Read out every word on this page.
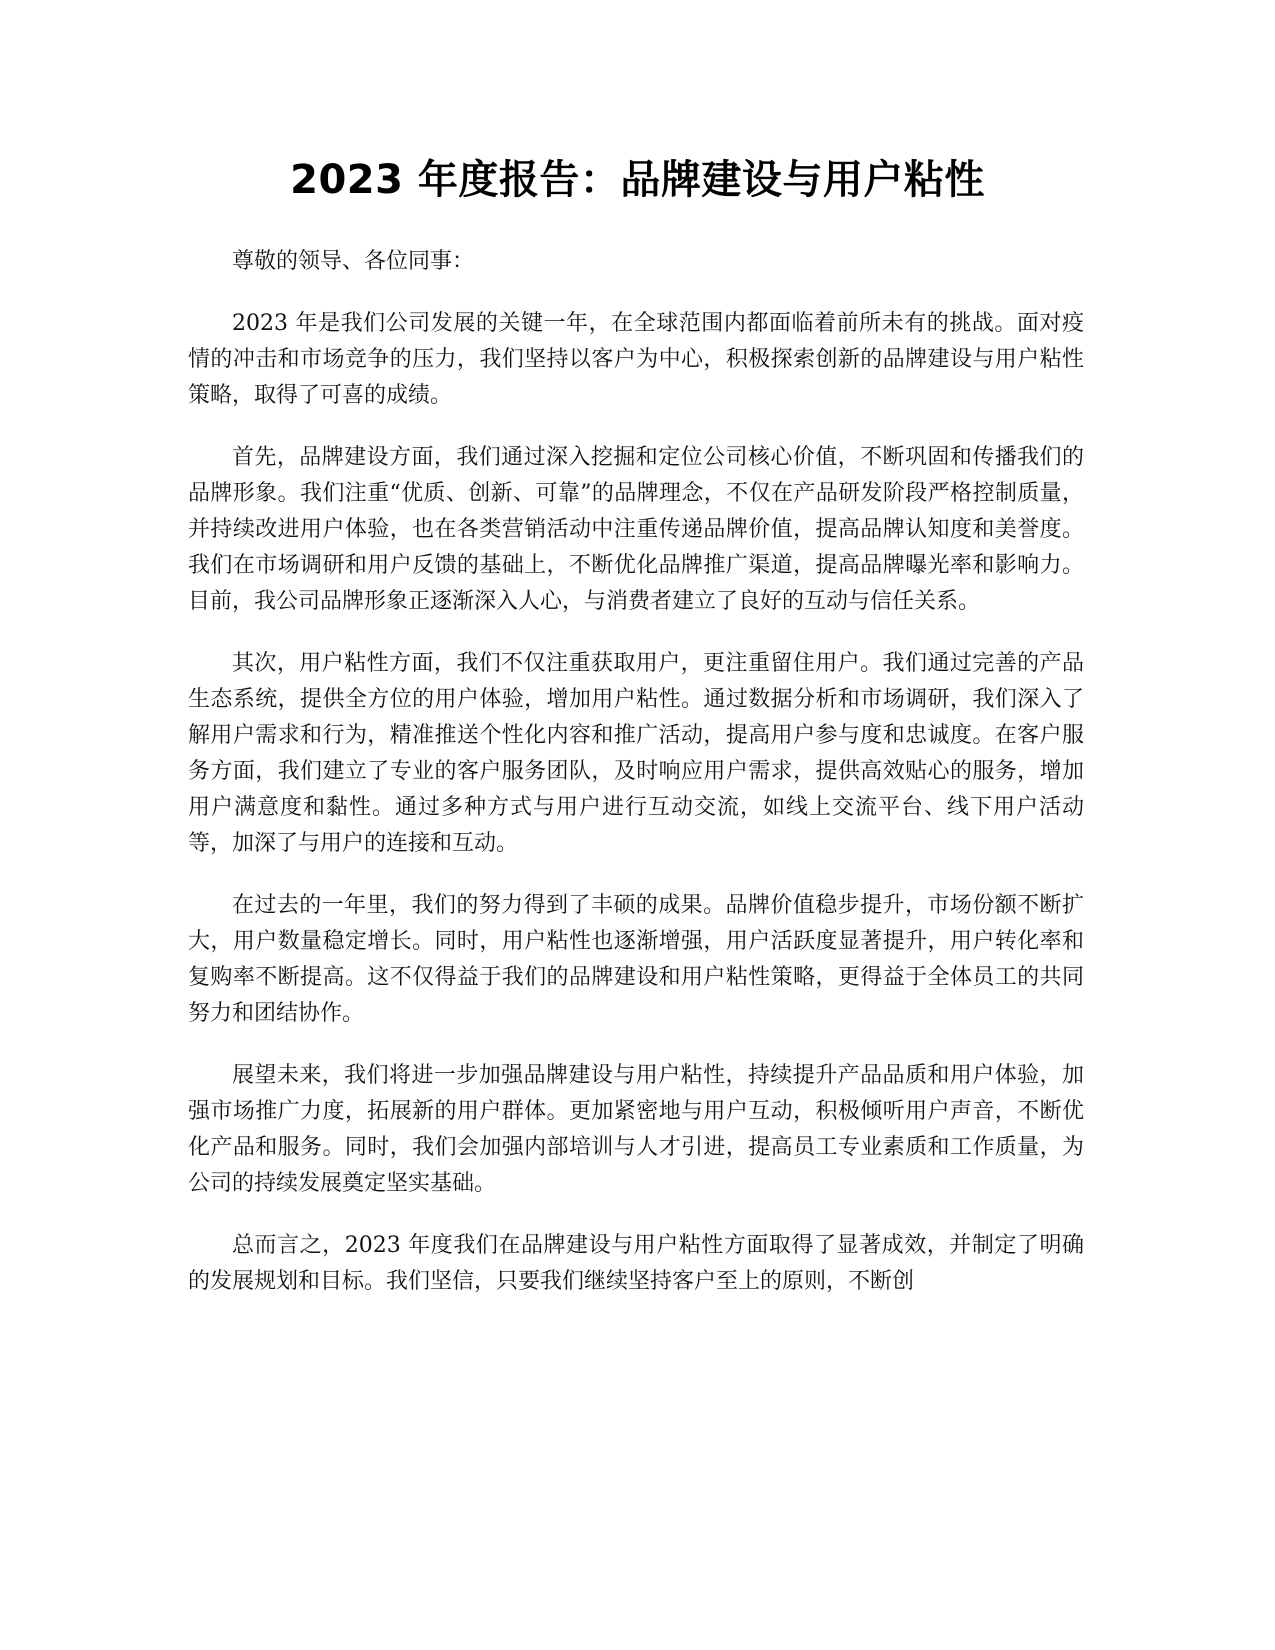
2023 年度报告：品牌建设与用户粘性

尊敬的领导、各位同事：

2023 年是我们公司发展的关键一年，在全球范围内都面临着前所未有的挑战。面对疫情的冲击和市场竞争的压力，我们坚持以客户为中心，积极探索创新的品牌建设与用户粘性策略，取得了可喜的成绩。

首先，品牌建设方面，我们通过深入挖掘和定位公司核心价值，不断巩固和传播我们的品牌形象。我们注重“优质、创新、可靠”的品牌理念，不仅在产品研发阶段严格控制质量，并持续改进用户体验，也在各类营销活动中注重传递品牌价值，提高品牌认知度和美誉度。我们在市场调研和用户反馈的基础上，不断优化品牌推广渠道，提高品牌曝光率和影响力。目前，我公司品牌形象正逐渐深入人心，与消费者建立了良好的互动与信任关系。

其次，用户粘性方面，我们不仅注重获取用户，更注重留住用户。我们通过完善的产品生态系统，提供全方位的用户体验，增加用户粘性。通过数据分析和市场调研，我们深入了解用户需求和行为，精准推送个性化内容和推广活动，提高用户参与度和忠诚度。在客户服务方面，我们建立了专业的客户服务团队，及时响应用户需求，提供高效贴心的服务，增加用户满意度和黏性。通过多种方式与用户进行互动交流，如线上交流平台、线下用户活动等，加深了与用户的连接和互动。

在过去的一年里，我们的努力得到了丰硕的成果。品牌价值稳步提升，市场份额不断扩大，用户数量稳定增长。同时，用户粘性也逐渐增强，用户活跃度显著提升，用户转化率和复购率不断提高。这不仅得益于我们的品牌建设和用户粘性策略，更得益于全体员工的共同努力和团结协作。

展望未来，我们将进一步加强品牌建设与用户粘性，持续提升产品品质和用户体验，加强市场推广力度，拓展新的用户群体。更加紧密地与用户互动，积极倾听用户声音，不断优化产品和服务。同时，我们会加强内部培训与人才引进，提高员工专业素质和工作质量，为公司的持续发展奠定坚实基础。

总而言之，2023 年度我们在品牌建设与用户粘性方面取得了显著成效，并制定了明确的发展规划和目标。我们坚信，只要我们继续坚持客户至上的原则，不断创
